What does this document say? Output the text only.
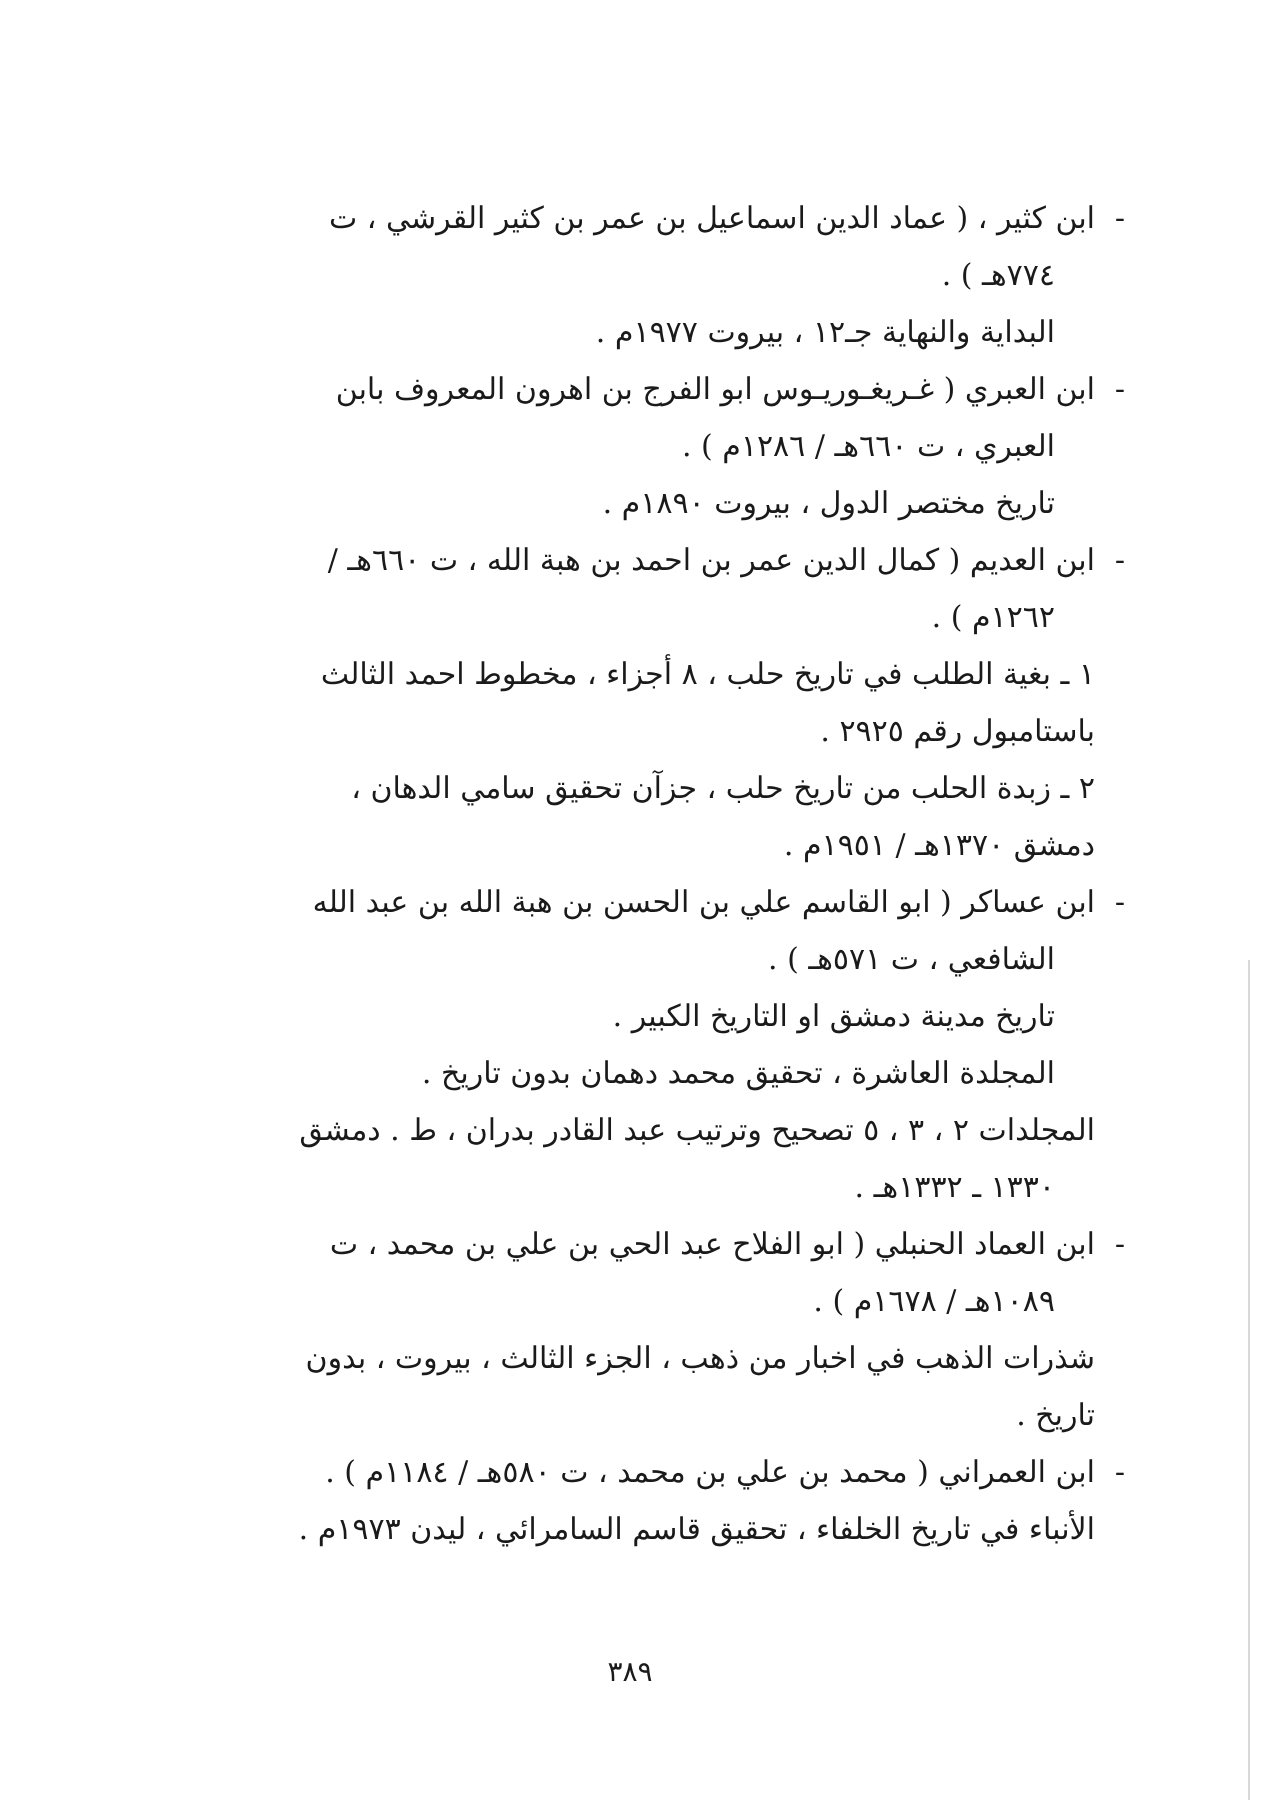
-
ابن كثير ، ( عماد الدين اسماعيل بن عمر بن كثير القرشي ، ت
٧٧٤هـ ) .
البداية والنهاية جـ١٢ ، بيروت ١٩٧٧م .
-
ابن العبري ( غـريغـوريـوس ابو الفرج بن اهرون المعروف بابن
العبري ، ت ٦٦٠هـ / ١٢٨٦م ) .
تاريخ مختصر الدول ، بيروت ١٨٩٠م .
-
ابن العديم ( كمال الدين عمر بن احمد بن هبة الله ، ت ٦٦٠هـ /
١٢٦٢م ) .
١ ـ بغية الطلب في تاريخ حلب ، ٨ أجزاء ، مخطوط احمد الثالث
باستامبول رقم ٢٩٢٥ .
٢ ـ زبدة الحلب من تاريخ حلب ، جزآن تحقيق سامي الدهان ،
دمشق ١٣٧٠هـ / ١٩٥١م .
-
ابن عساكر ( ابو القاسم علي بن الحسن بن هبة الله بن عبد الله
الشافعي ، ت ٥٧١هـ ) .
تاريخ مدينة دمشق او التاريخ الكبير .
المجلدة العاشرة ، تحقيق محمد دهمان بدون تاريخ .
المجلدات ٢ ، ٣ ، ٥ تصحيح وترتيب عبد القادر بدران ، ط . دمشق
١٣٣٠ ـ ١٣٣٢هـ .
-
ابن العماد الحنبلي ( ابو الفلاح عبد الحي بن علي بن محمد ، ت
١٠٨٩هـ / ١٦٧٨م ) .
شذرات الذهب في اخبار من ذهب ، الجزء الثالث ، بيروت ، بدون
تاريخ .
-
ابن العمراني ( محمد بن علي بن محمد ، ت ٥٨٠هـ / ١١٨٤م ) .
الأنباء في تاريخ الخلفاء ، تحقيق قاسم السامرائي ، ليدن ١٩٧٣م .
٣٨٩
